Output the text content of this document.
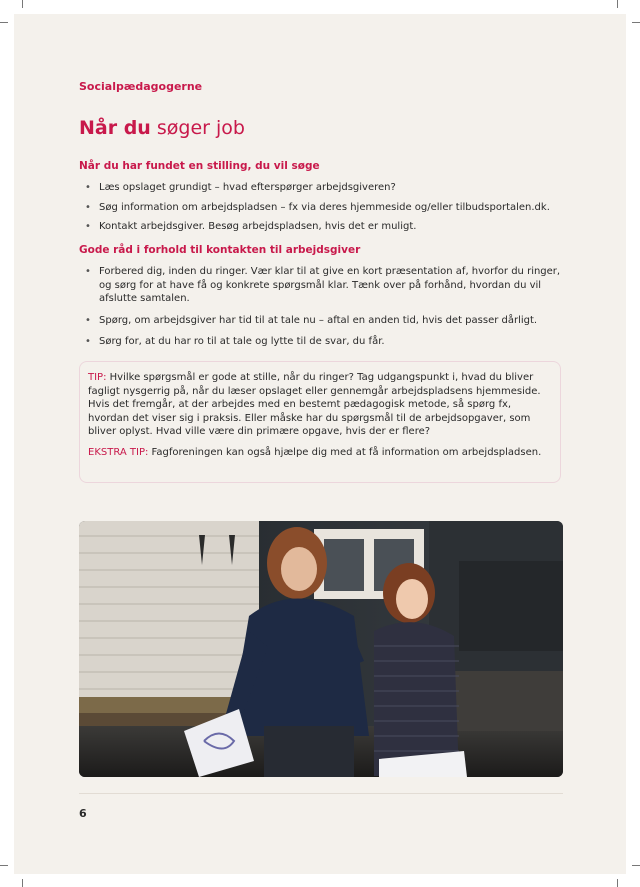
Socialpædagogerne
Når du søger job
Når du har fundet en stilling, du vil søge
• Læs opslaget grundigt – hvad efterspørger arbejdsgiveren?
• Søg information om arbejdspladsen – fx via deres hjemmeside og/eller tilbudsportalen.dk.
• Kontakt arbejdsgiver. Besøg arbejdspladsen, hvis det er muligt.
Gode råd i forhold til kontakten til arbejdsgiver
• Forbered dig, inden du ringer. Vær klar til at give en kort præsentation af, hvorfor du ringer, og sørg for at have få og konkrete spørgsmål klar. Tænk over på forhånd, hvordan du vil afslutte samtalen.
• Spørg, om arbejdsgiver har tid til at tale nu – aftal en anden tid, hvis det passer dårligt.
• Sørg for, at du har ro til at tale og lytte til de svar, du får.

TIP: Hvilke spørgsmål er gode at stille, når du ringer? Tag udgangspunkt i, hvad du bliver fagligt nysgerrig på, når du læser opslaget eller gennemgår arbejdspladsens hjemmeside. Hvis det fremgår, at der arbejdes med en bestemt pædagogisk metode, så spørg fx, hvordan det viser sig i praksis. Eller måske har du spørgsmål til de arbejdsopgaver, som bliver oplyst. Hvad ville være din primære opgave, hvis der er flere?

EKSTRA TIP: Fagforeningen kan også hjælpe dig med at få information om arbejdspladsen.

6
